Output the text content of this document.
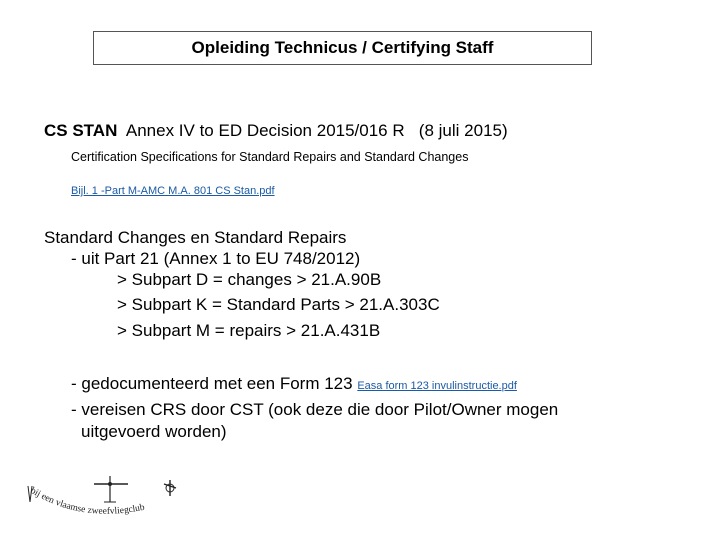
Opleiding Technicus / Certifying Staff
CS STAN  Annex IV to ED Decision 2015/016 R   (8 juli 2015)
Certification Specifications for Standard Repairs and Standard Changes
Bijl. 1 -Part M-AMC M.A. 801 CS Stan.pdf
Standard Changes en Standard Repairs
- uit Part 21 (Annex 1 to EU 748/2012)
> Subpart D = changes > 21.A.90B
> Subpart K = Standard Parts > 21.A.303C
> Subpart M = repairs > 21.A.431B
- gedocumenteerd met een Form 123 Easa form 123 invulinstructie.pdf
- vereisen CRS door CST (ook deze die door Pilot/Owner mogen
uitgevoerd worden)
bij een vlaamse zweefvliegclub
